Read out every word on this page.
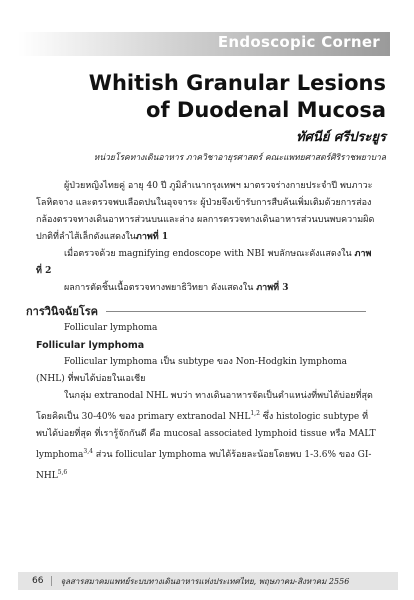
Endoscopic Corner
Whitish Granular Lesions
of Duodenal Mucosa
ทัศนีย์ ศรีประยูร
หน่วยโรคทางเดินอาหาร ภาควิชาอายุรศาสตร์ คณะแพทยศาสตร์ศิริราชพยาบาล

ผู้ป่วยหญิงไทยคู่ อายุ 40 ปี ภูมิลำเนากรุงเทพฯ มาตรวจร่างกายประจำปี พบภาวะโลหิตจาง และตรวจพบเลือดปนในอุจจาระ ผู้ป่วยจึงเข้ารับการสืบค้นเพิ่มเติมด้วยการส่องกล้องตรวจทางเดินอาหารส่วนบนและล่าง ผลการตรวจทางเดินอาหารส่วนบนพบความผิดปกติที่ลำไส้เล็กดังแสดงในภาพที่ 1

เมื่อตรวจด้วย magnifying endoscope with NBI พบลักษณะดังแสดงใน ภาพที่ 2

ผลการตัดชิ้นเนื้อตรวจทางพยาธิวิทยา ดังแสดงใน ภาพที่ 3

การวินิจฉัยโรค

Follicular lymphoma

Follicular lymphoma

Follicular lymphoma เป็น subtype ของ Non-Hodgkin lymphoma (NHL) ที่พบได้บ่อยในเอเชีย

ในกลุ่ม extranodal NHL พบว่า ทางเดินอาหารจัดเป็นตำแหน่งที่พบได้บ่อยที่สุด โดยคิดเป็น 30-40% ของ primary extranodal NHL$^{1,2}$ ซึ่ง histologic subtype ที่พบได้บ่อยที่สุด ที่เรารู้จักกันดี คือ mucosal associated lymphoid tissue หรือ MALT lymphoma$^{3,4}$ ส่วน follicular lymphoma พบได้ร้อยละน้อยโดยพบ 1-3.6% ของ GI-NHL$^{5,6}$

66	จุลสารสมาคมแพทย์ระบบทางเดินอาหารแห่งประเทศไทย, พฤษภาคม-สิงหาคม 2556
